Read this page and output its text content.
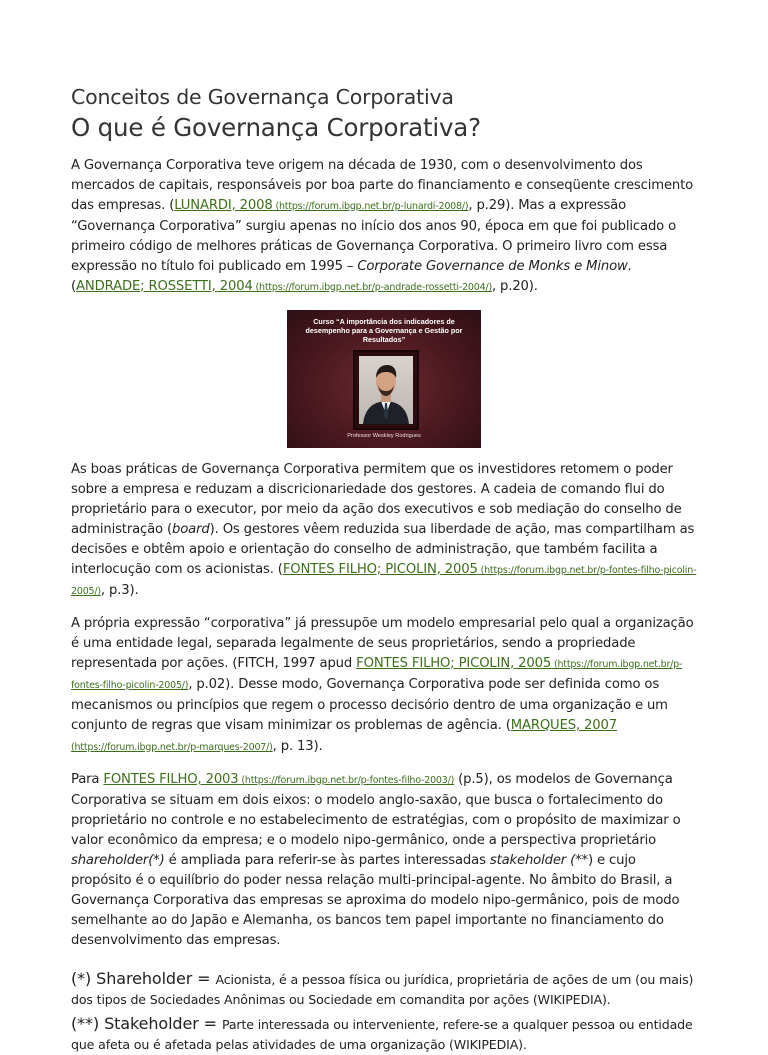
Conceitos de Governança Corporativa
O que é Governança Corporativa?

A Governança Corporativa teve origem na década de 1930, com o desenvolvimento dos mercados de capitais, responsáveis por boa parte do financiamento e conseqüente crescimento das empresas. (LUNARDI, 2008 (https://forum.ibgp.net.br/p-lunardi-2008/), p.29). Mas a expressão “Governança Corporativa” surgiu apenas no início dos anos 90, época em que foi publicado o primeiro código de melhores práticas de Governança Corporativa. O primeiro livro com essa expressão no título foi publicado em 1995 – Corporate Governance de Monks e Minow. (ANDRADE; ROSSETTI, 2004 (https://forum.ibgp.net.br/p-andrade-rossetti-2004/), p.20).

Curso “A importância dos indicadores de desempenho para a Governança e Gestão por Resultados”
Professor Weskley Rodrigues

As boas práticas de Governança Corporativa permitem que os investidores retomem o poder sobre a empresa e reduzam a discricionariedade dos gestores. A cadeia de comando flui do proprietário para o executor, por meio da ação dos executivos e sob mediação do conselho de administração (board). Os gestores vêem reduzida sua liberdade de ação, mas compartilham as decisões e obtêm apoio e orientação do conselho de administração, que também facilita a interlocução com os acionistas. (FONTES FILHO; PICOLIN, 2005 (https://forum.ibgp.net.br/p-fontes-filho-picolin-2005/), p.3).

A própria expressão “corporativa” já pressupõe um modelo empresarial pelo qual a organização é uma entidade legal, separada legalmente de seus proprietários, sendo a propriedade representada por ações. (FITCH, 1997 apud FONTES FILHO; PICOLIN, 2005 (https://forum.ibgp.net.br/p-fontes-filho-picolin-2005/), p.02). Desse modo, Governança Corporativa pode ser definida como os mecanismos ou princípios que regem o processo decisório dentro de uma organização e um conjunto de regras que visam minimizar os problemas de agência. (MARQUES, 2007 (https://forum.ibgp.net.br/p-marques-2007/), p. 13).

Para FONTES FILHO, 2003 (https://forum.ibgp.net.br/p-fontes-filho-2003/) (p.5), os modelos de Governança Corporativa se situam em dois eixos: o modelo anglo-saxão, que busca o fortalecimento do proprietário no controle e no estabelecimento de estratégias, com o propósito de maximizar o valor econômico da empresa; e o modelo nipo-germânico, onde a perspectiva proprietário shareholder(*) é ampliada para referir-se às partes interessadas stakeholder (**) e cujo propósito é o equilíbrio do poder nessa relação multi-principal-agente. No âmbito do Brasil, a Governança Corporativa das empresas se aproxima do modelo nipo-germânico, pois de modo semelhante ao do Japão e Alemanha, os bancos tem papel importante no financiamento do desenvolvimento das empresas.

(*) Shareholder = Acionista, é a pessoa física ou jurídica, proprietária de ações de um (ou mais) dos tipos de Sociedades Anônimas ou Sociedade em comandita por ações (WIKIPEDIA).

(**) Stakeholder = Parte interessada ou interveniente, refere-se a qualquer pessoa ou entidade que afeta ou é afetada pelas atividades de uma organização (WIKIPEDIA).
